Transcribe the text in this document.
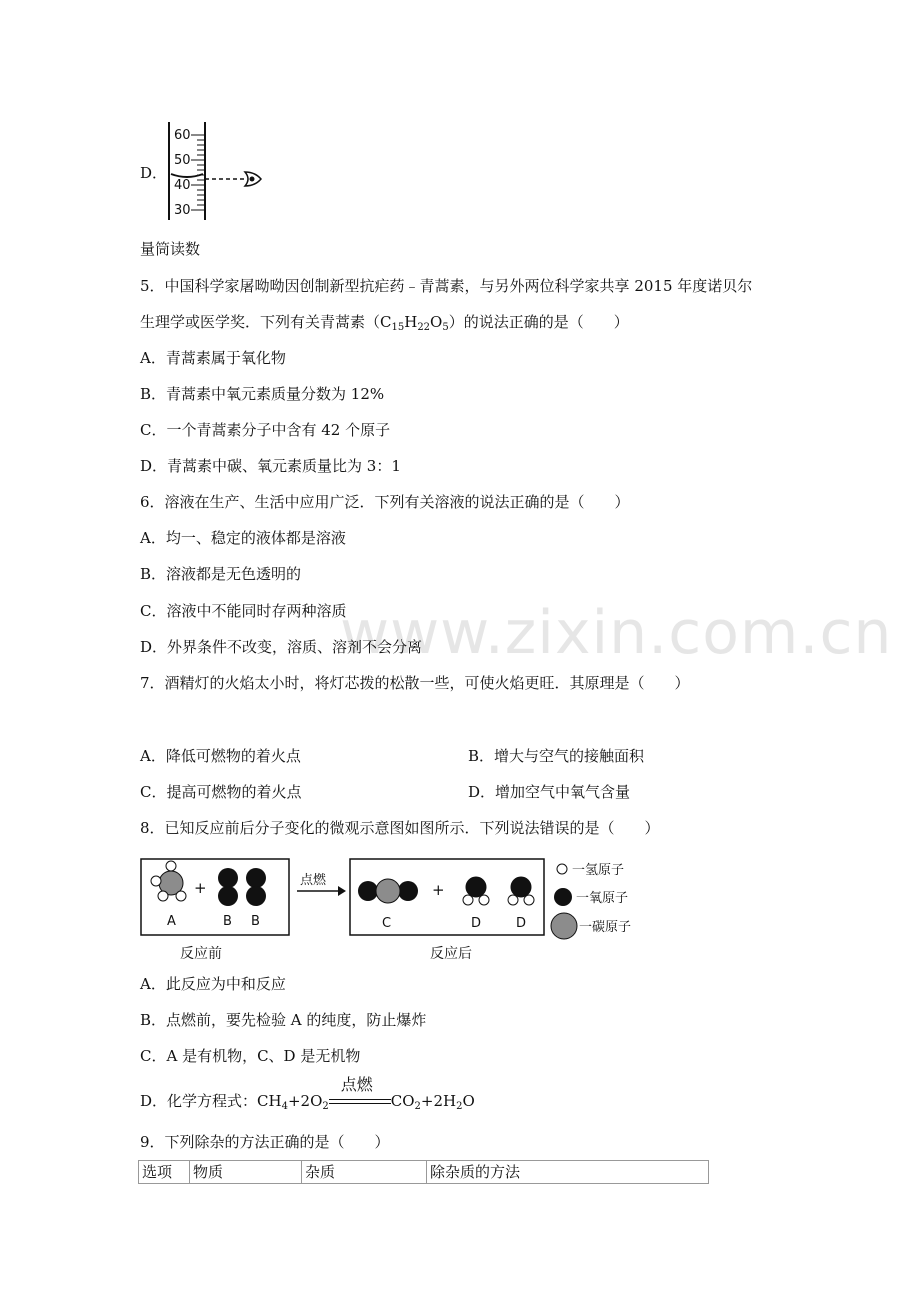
www.zixin.com.cn
D．
60
50
40
30
量筒读数
5．中国科学家屠呦呦因创制新型抗疟药﹣青蒿素，与另外两位科学家共享 2015 年度诺贝尔
生理学或医学奖．下列有关青蒿素$(C_{15}H_{22}O_5)$的说法正确的是（　　）
A．青蒿素属于氧化物
B．青蒿素中氧元素质量分数为 12%
C．一个青蒿素分子中含有 42 个原子
D．青蒿素中碳、氧元素质量比为 3：1
6．溶液在生产、生活中应用广泛．下列有关溶液的说法正确的是（　　）
A．均一、稳定的液体都是溶液
B．溶液都是无色透明的
C．溶液中不能同时存两种溶质
D．外界条件不改变，溶质、溶剂不会分离
7．酒精灯的火焰太小时，将灯芯拨的松散一些，可使火焰更旺．其原理是（　　）
A．降低可燃物的着火点	B．增大与空气的接触面积
C．提高可燃物的着火点	D．增加空气中氧气含量
8．已知反应前后分子变化的微观示意图如图所示．下列说法错误的是（　　）
A
+
B B
反应前
点燃
C
+
D	D
反应后
一氢原子
一氧原子
一碳原子
A．此反应为中和反应
B．点燃前，要先检验 A 的纯度，防止爆炸
C．A 是有机物，C、D 是无机物
D．化学方程式：$CH_4+2O_2$
点燃
$CO_2+2H_2O$
9．下列除杂的方法正确的是（　　）
选项	物质	杂质	除杂质的方法
